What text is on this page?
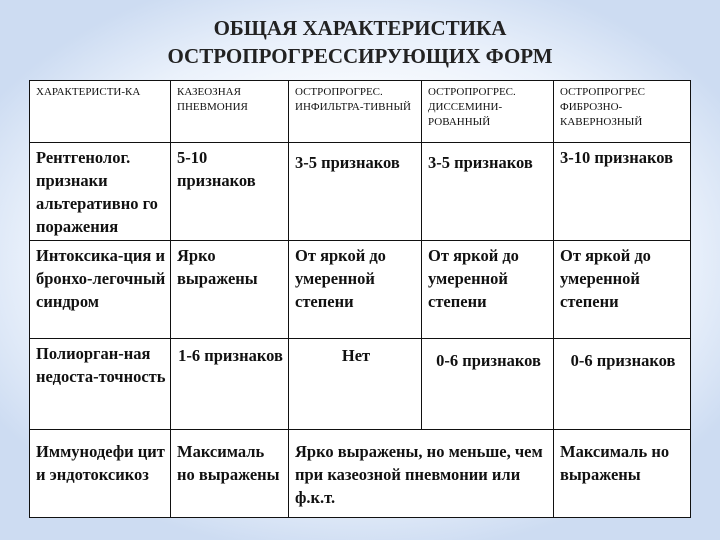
ОБЩАЯ ХАРАКТЕРИСТИКА
ОСТРОПРОГРЕССИРУЮЩИХ ФОРМ
ХАРАКТЕРИСТИ-КА	КАЗЕОЗНАЯ ПНЕВМОНИЯ	ОСТРОПРОГРЕС. ИНФИЛЬТРА-ТИВНЫЙ	ОСТРОПРОГРЕС. ДИССЕМИНИ-РОВАННЫЙ	ОСТРОПРОГРЕС ФИБРОЗНО-КАВЕРНОЗНЫЙ
Рентгенолог. признаки альтеративно го поражения	5-10 признаков	3-5 признаков	3-5 признаков	3-10 признаков
Интоксика-ция и бронхо-легочный синдром	Ярко выражены	От яркой до умеренной степени	От яркой до умеренной степени	От яркой до умеренной степени
Полиорган-ная недоста-точность	1-6 признаков	Нет	0-6 признаков	0-6 признаков
Иммунодефи цит и эндотоксикоз	Максималь но выражены	Ярко выражены, но меньше, чем при казеозной пневмонии или ф.к.т.		Максималь но выражены
